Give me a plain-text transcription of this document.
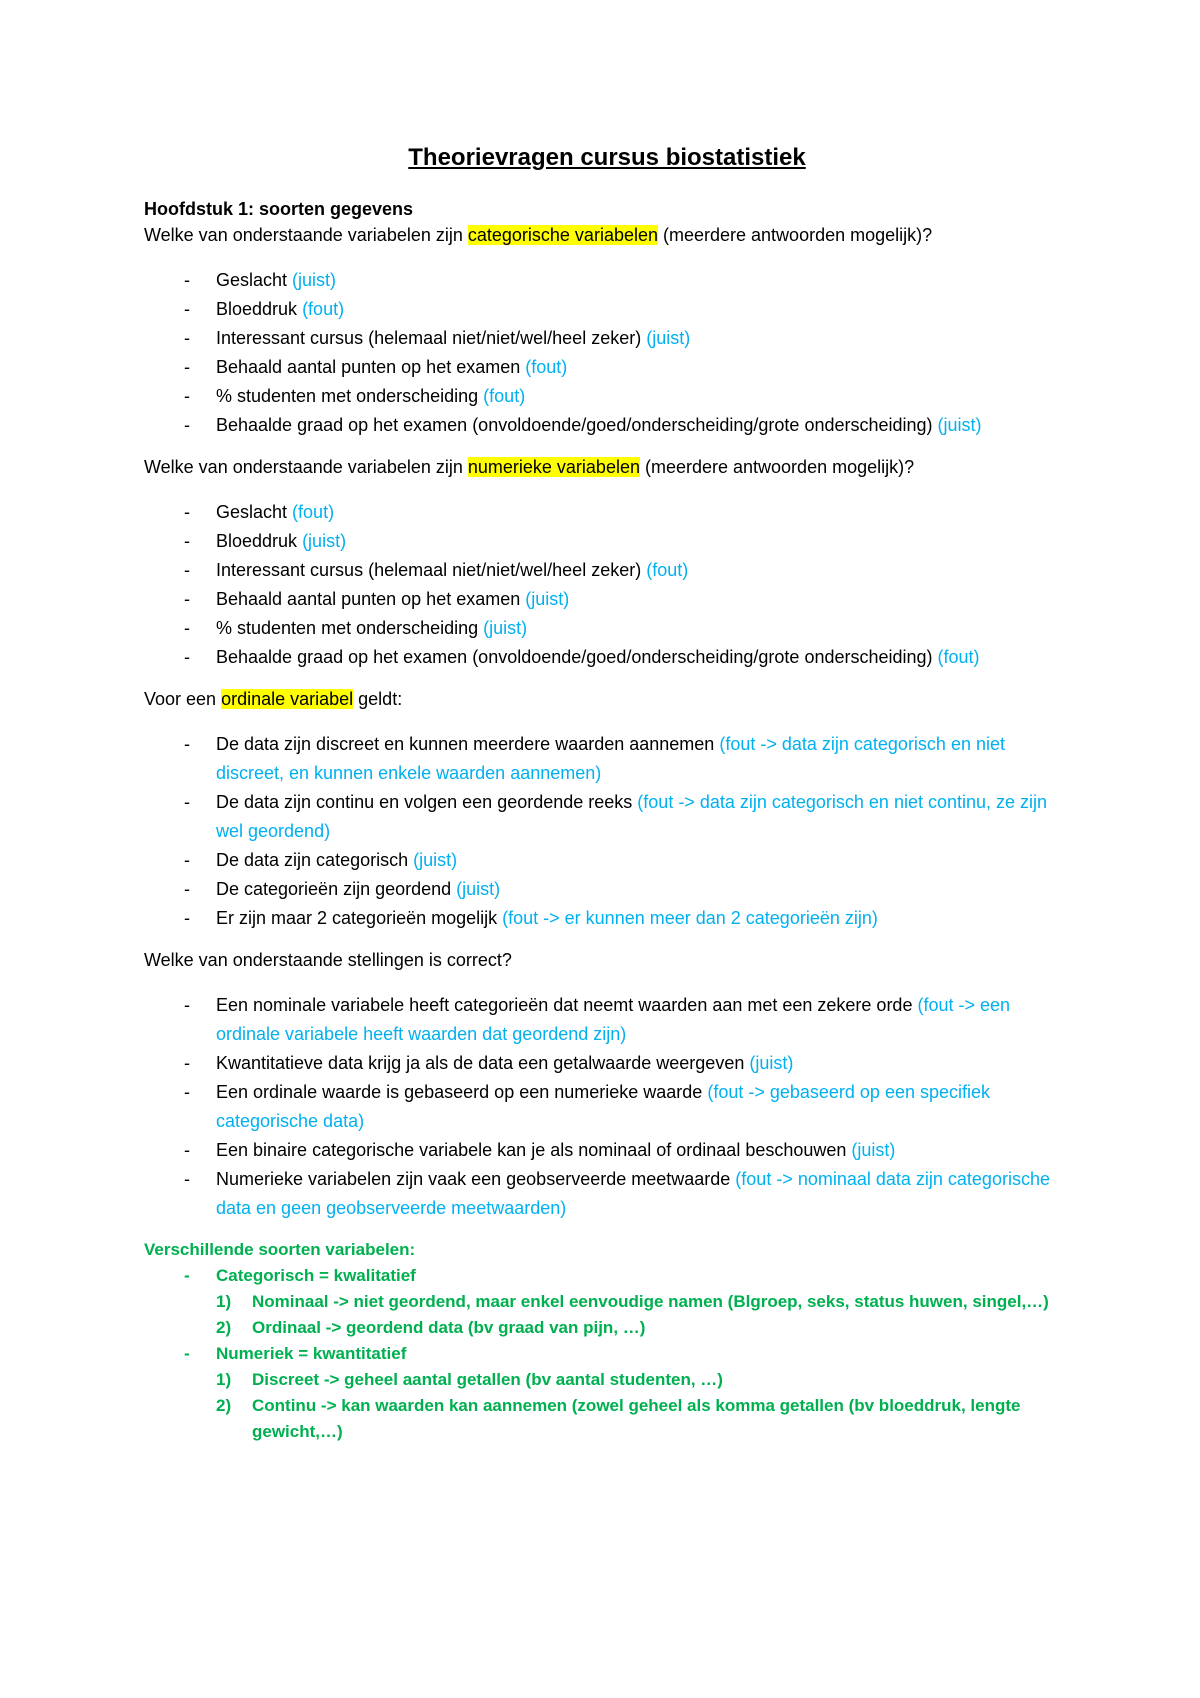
Theorievragen cursus biostatistiek

Hoofdstuk 1: soorten gegevens

Welke van onderstaande variabelen zijn categorische variabelen (meerdere antwoorden mogelijk)?

- Geslacht (juist)
- Bloeddruk (fout)
- Interessant cursus (helemaal niet/niet/wel/heel zeker) (juist)
- Behaald aantal punten op het examen (fout)
- % studenten met onderscheiding (fout)
- Behaalde graad op het examen (onvoldoende/goed/onderscheiding/grote onderscheiding) (juist)

Welke van onderstaande variabelen zijn numerieke variabelen (meerdere antwoorden mogelijk)?

- Geslacht (fout)
- Bloeddruk (juist)
- Interessant cursus (helemaal niet/niet/wel/heel zeker) (fout)
- Behaald aantal punten op het examen (juist)
- % studenten met onderscheiding (juist)
- Behaalde graad op het examen (onvoldoende/goed/onderscheiding/grote onderscheiding) (fout)

Voor een ordinale variabel geldt:

- De data zijn discreet en kunnen meerdere waarden aannemen (fout -> data zijn categorisch en niet discreet, en kunnen enkele waarden aannemen)
- De data zijn continu en volgen een geordende reeks (fout -> data zijn categorisch en niet continu, ze zijn wel geordend)
- De data zijn categorisch (juist)
- De categorieën zijn geordend (juist)
- Er zijn maar 2 categorieën mogelijk (fout -> er kunnen meer dan 2 categorieën zijn)

Welke van onderstaande stellingen is correct?

- Een nominale variabele heeft categorieën dat neemt waarden aan met een zekere orde (fout -> een ordinale variabele heeft waarden dat geordend zijn)
- Kwantitatieve data krijg ja als de data een getalwaarde weergeven (juist)
- Een ordinale waarde is gebaseerd op een numerieke waarde (fout -> gebaseerd op een specifiek categorische data)
- Een binaire categorische variabele kan je als nominaal of ordinaal beschouwen (juist)
- Numerieke variabelen zijn vaak een geobserveerde meetwaarde (fout -> nominaal data zijn categorische data en geen geobserveerde meetwaarden)

Verschillende soorten variabelen:

- Categorisch = kwalitatief
1) Nominaal -> niet geordend, maar enkel eenvoudige namen (Blgroep, seks, status huwen, singel,…)
2) Ordinaal -> geordend data (bv graad van pijn, …)
- Numeriek = kwantitatief
1) Discreet -> geheel aantal getallen (bv aantal studenten, …)
2) Continu -> kan waarden kan aannemen (zowel geheel als komma getallen (bv bloeddruk, lengte gewicht,…)
